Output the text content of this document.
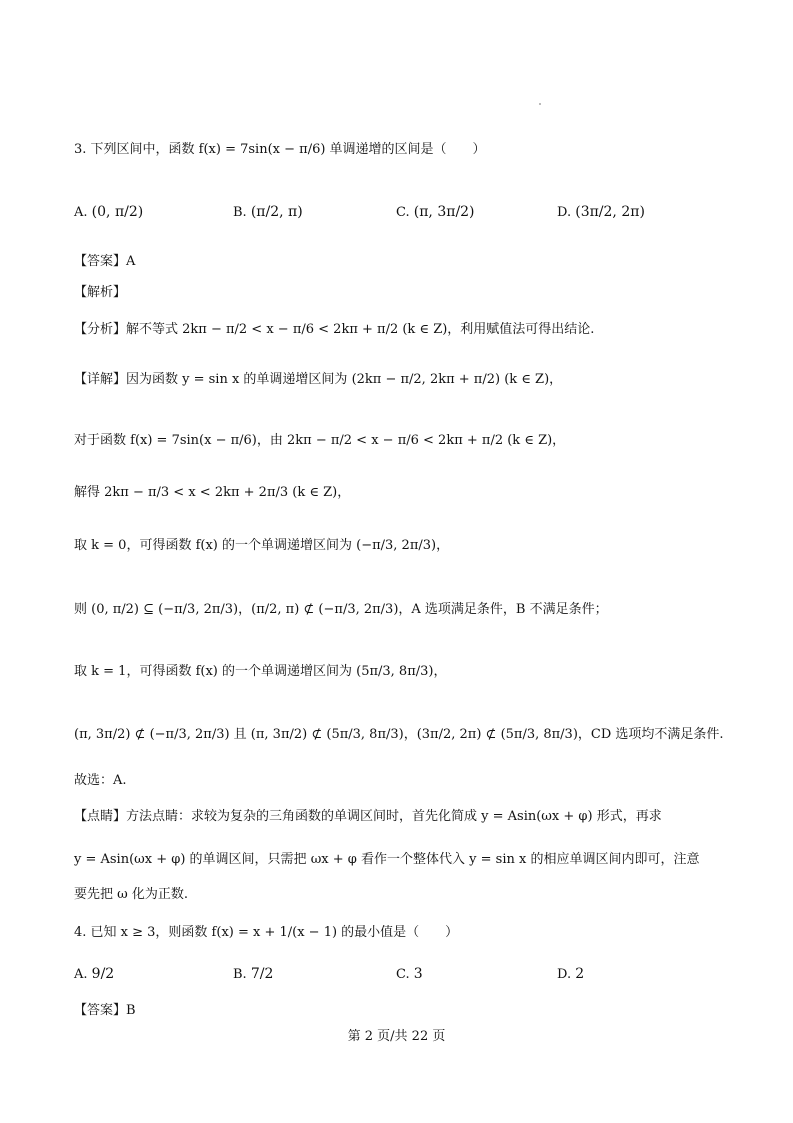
3. 下列区间中，函数 f(x) = 7sin(x − π/6) 单调递增的区间是（　　）
A. (0, π/2)	B. (π/2, π)	C. (π, 3π/2)	D. (3π/2, 2π)
【答案】A
【解析】
【分析】解不等式 2kπ − π/2 < x − π/6 < 2kπ + π/2 (k ∈ Z)，利用赋值法可得出结论.
【详解】因为函数 y = sin x 的单调递增区间为 (2kπ − π/2, 2kπ + π/2) (k ∈ Z)，
对于函数 f(x) = 7sin(x − π/6)，由 2kπ − π/2 < x − π/6 < 2kπ + π/2 (k ∈ Z)，
解得 2kπ − π/3 < x < 2kπ + 2π/3 (k ∈ Z)，
取 k = 0，可得函数 f(x) 的一个单调递增区间为 (−π/3, 2π/3)，
则 (0, π/2) ⊆ (−π/3, 2π/3)，(π/2, π) ⊄ (−π/3, 2π/3)，A 选项满足条件，B 不满足条件；
取 k = 1，可得函数 f(x) 的一个单调递增区间为 (5π/3, 8π/3)，
(π, 3π/2) ⊄ (−π/3, 2π/3) 且 (π, 3π/2) ⊄ (5π/3, 8π/3)，(3π/2, 2π) ⊄ (5π/3, 8π/3)，CD 选项均不满足条件.
故选：A.
【点睛】方法点睛：求较为复杂的三角函数的单调区间时，首先化简成 y = Asin(ωx + φ) 形式，再求
y = Asin(ωx + φ) 的单调区间，只需把 ωx + φ 看作一个整体代入 y = sin x 的相应单调区间内即可，注意
要先把 ω 化为正数.
4. 已知 x ≥ 3，则函数 f(x) = x + 1/(x − 1) 的最小值是（　　）
A. 9/2	B. 7/2	C. 3	D. 2
【答案】B
第 2 页/共 22 页
